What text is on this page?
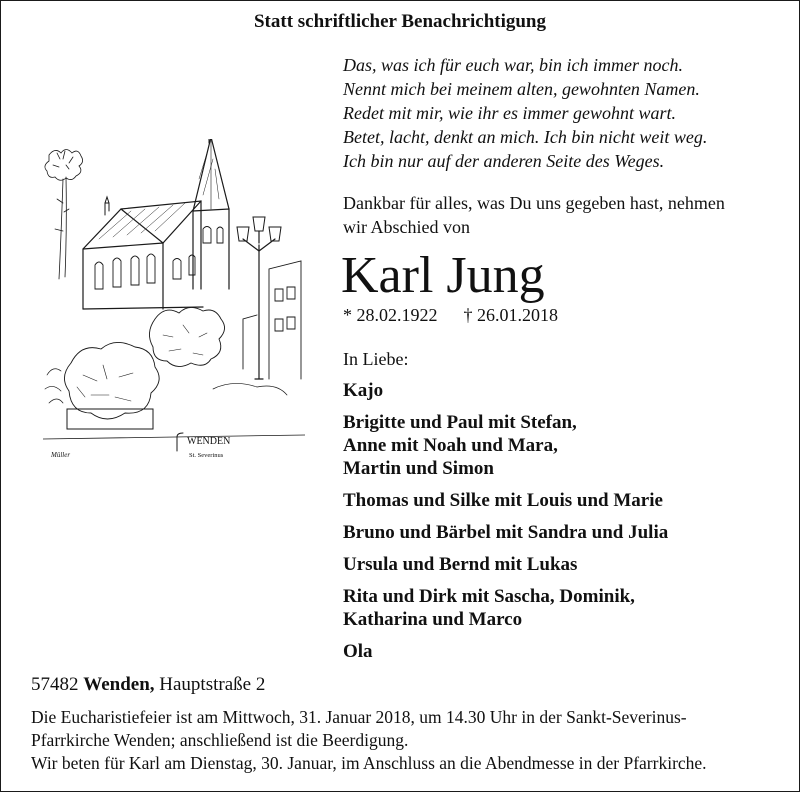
Statt schriftlicher Benachrichtigung
Das, was ich für euch war, bin ich immer noch.
Nennt mich bei meinem alten, gewohnten Namen.
Redet mit mir, wie ihr es immer gewohnt wart.
Betet, lacht, denkt an mich. Ich bin nicht weit weg.
Ich bin nur auf der anderen Seite des Weges.
Dankbar für alles, was Du uns gegeben hast, nehmen
wir Abschied von
Karl Jung
* 28.02.1922 † 26.01.2018
In Liebe:
Kajo
Brigitte und Paul mit Stefan,
Anne mit Noah und Mara,
Martin und Simon
Thomas und Silke mit Louis und Marie
Bruno und Bärbel mit Sandra und Julia
Ursula und Bernd mit Lukas
Rita und Dirk mit Sascha, Dominik,
Katharina und Marco
Ola
WENDEN
St. Severinus
Müller
57482 Wenden, Hauptstraße 2
Die Eucharistiefeier ist am Mittwoch, 31. Januar 2018, um 14.30 Uhr in der Sankt-Severinus-
Pfarrkirche Wenden; anschließend ist die Beerdigung.
Wir beten für Karl am Dienstag, 30. Januar, im Anschluss an die Abendmesse in der Pfarrkirche.
